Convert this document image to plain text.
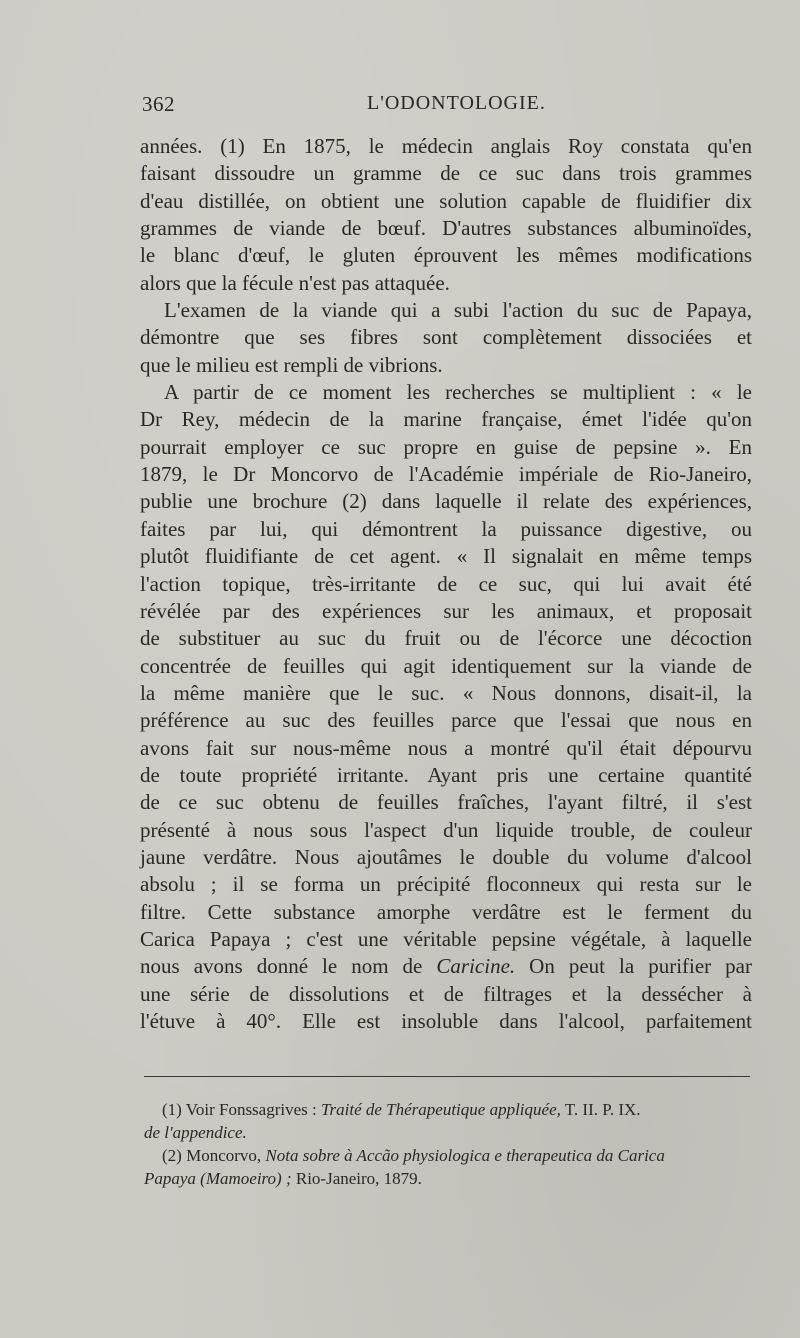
362	L'ODONTOLOGIE.
années. (1) En 1875, le médecin anglais Roy constata qu'en
faisant dissoudre un gramme de ce suc dans trois grammes
d'eau distillée, on obtient une solution capable de fluidifier dix
grammes de viande de bœuf. D'autres substances albuminoïdes,
le blanc d'œuf, le gluten éprouvent les mêmes modifications
alors que la fécule n'est pas attaquée.
L'examen de la viande qui a subi l'action du suc de Papaya,
démontre que ses fibres sont complètement dissociées et
que le milieu est rempli de vibrions.
A partir de ce moment les recherches se multiplient : « le
Dr Rey, médecin de la marine française, émet l'idée qu'on
pourrait employer ce suc propre en guise de pepsine ». En
1879, le Dr Moncorvo de l'Académie impériale de Rio-Janeiro,
publie une brochure (2) dans laquelle il relate des expériences,
faites par lui, qui démontrent la puissance digestive, ou
plutôt fluidifiante de cet agent. « Il signalait en même temps
l'action topique, très-irritante de ce suc, qui lui avait été
révélée par des expériences sur les animaux, et proposait
de substituer au suc du fruit ou de l'écorce une décoction
concentrée de feuilles qui agit identiquement sur la viande de
la même manière que le suc. « Nous donnons, disait-il, la
préférence au suc des feuilles parce que l'essai que nous en
avons fait sur nous-même nous a montré qu'il était dépourvu
de toute propriété irritante. Ayant pris une certaine quantité
de ce suc obtenu de feuilles fraîches, l'ayant filtré, il s'est
présenté à nous sous l'aspect d'un liquide trouble, de couleur
jaune verdâtre. Nous ajoutâmes le double du volume d'alcool
absolu ; il se forma un précipité floconneux qui resta sur le
filtre. Cette substance amorphe verdâtre est le ferment du
Carica Papaya ; c'est une véritable pepsine végétale, à laquelle
nous avons donné le nom de Caricine. On peut la purifier par
une série de dissolutions et de filtrages et la dessécher à
l'étuve à 40°. Elle est insoluble dans l'alcool, parfaitement
(1) Voir Fonssagrives : Traité de Thérapeutique appliquée, T. II. P. IX.
de l'appendice.
(2) Moncorvo, Nota sobre à Accão physiologica e therapeutica da Carica
Papaya (Mamoeiro) ; Rio-Janeiro, 1879.
